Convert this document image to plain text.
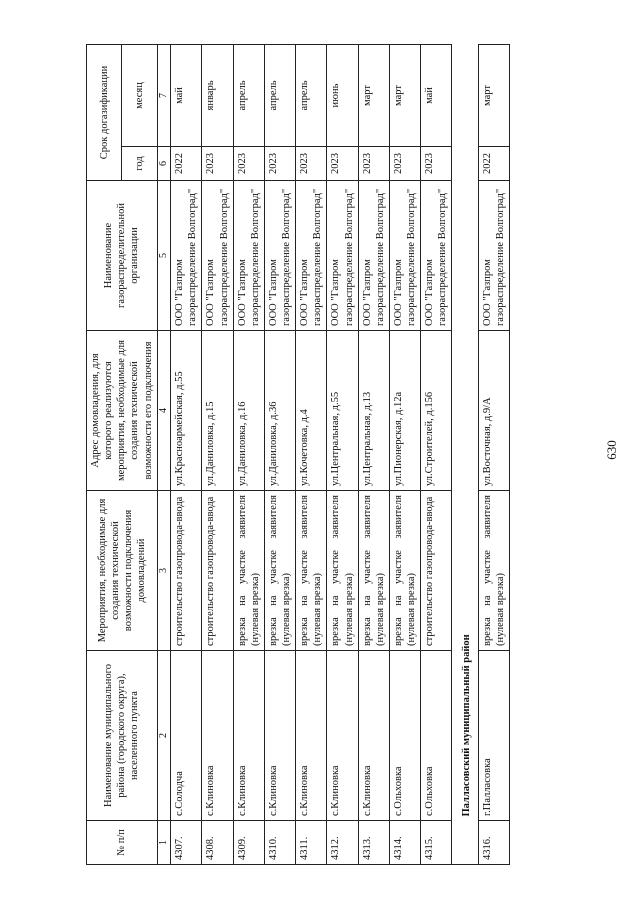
630
№ п/п	Наименование муниципального района (городского округа), населенного пункта	Мероприятия, необходимые для создания технической возможности подключения домовладений	Адрес домовладения, для которого реализуются мероприятия, необходимые для создания технической возможности его подключения	Наименование газораспределительной организации	Срок догазификации	
					год	месяц
1	2	3	4	5	6	7
4307.	с.Солодча	строительство газопровода-ввода	ул.Красноармейская, д.55	ООО "Газпром газораспределение Волгоград"	2022	май
4308.	с.Клиновка	строительство газопровода-ввода	ул.Даниловка, д.15	ООО "Газпром газораспределение Волгоград"	2023	январь
4309.	с.Клиновка	врезка на участке заявителя (нулевая врезка)	ул.Даниловка, д.16	ООО "Газпром газораспределение Волгоград"	2023	апрель
4310.	с.Клиновка	врезка на участке заявителя (нулевая врезка)	ул.Даниловка, д.36	ООО "Газпром газораспределение Волгоград"	2023	апрель
4311.	с.Клиновка	врезка на участке заявителя (нулевая врезка)	ул.Кочетовка, д.4	ООО "Газпром газораспределение Волгоград"	2023	апрель
4312.	с.Клиновка	врезка на участке заявителя (нулевая врезка)	ул.Центральная, д.55	ООО "Газпром газораспределение Волгоград"	2023	июнь
4313.	с.Клиновка	врезка на участке заявителя (нулевая врезка)	ул.Центральная, д.13	ООО "Газпром газораспределение Волгоград"	2023	март
4314.	с.Ольховка	врезка на участке заявителя (нулевая врезка)	ул.Пионерская, д.12а	ООО "Газпром газораспределение Волгоград"	2023	март
4315.	с.Ольховка	строительство газопровода-ввода	ул.Строителей, д.156	ООО "Газпром газораспределение Волгоград"	2023	май
	Палласовский муниципальный район					
4316.	г.Палласовка	врезка на участке заявителя (нулевая врезка)	ул.Восточная, д.9/А	ООО "Газпром газораспределение Волгоград"	2022	март
